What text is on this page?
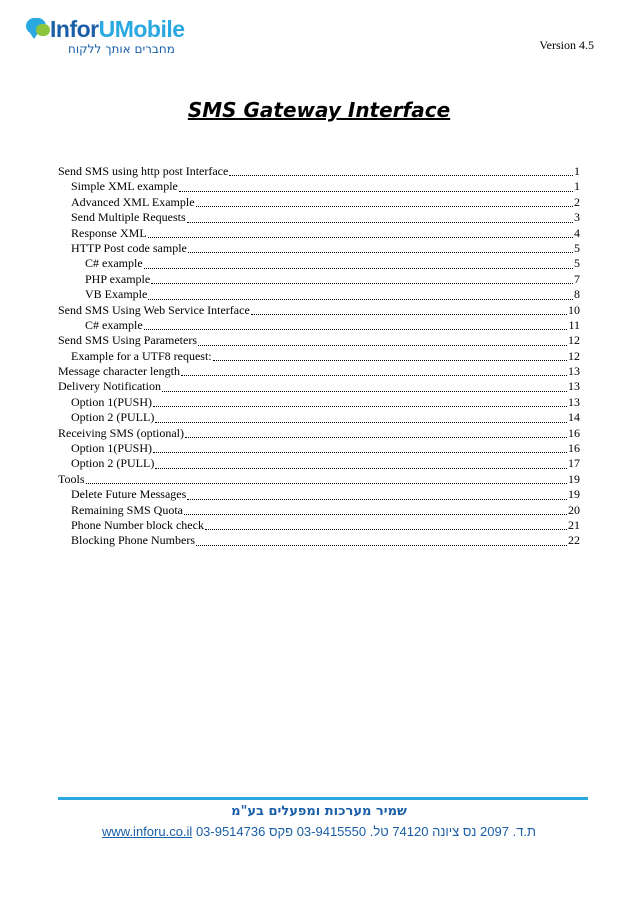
InforUMobile
מחברים אותך ללקוח	Version 4.5
SMS Gateway Interface
Send SMS using http post Interface	1
Simple XML example	1
Advanced XML Example	2
Send Multiple Requests	3
Response XML	4
HTTP Post code sample	5
C# example	5
PHP example	7
VB Example	8
Send SMS Using Web Service Interface	10
C# example	11
Send SMS Using Parameters	12
Example for a UTF8 request:	12
Message character length	13
Delivery Notification	13
Option 1(PUSH)	13
Option 2 (PULL)	14
Receiving SMS (optional)	16
Option 1(PUSH)	16
Option 2 (PULL)	17
Tools	19
Delete Future Messages	19
Remaining SMS Quota	20
Phone Number block check	21
Blocking Phone Numbers	22
שמיר מערכות ומפעלים בע"מ
www.inforu.co.il ת.ד. 2097 נס ציונה 74120 טל. 03-9415550 פקס 03-9514736
